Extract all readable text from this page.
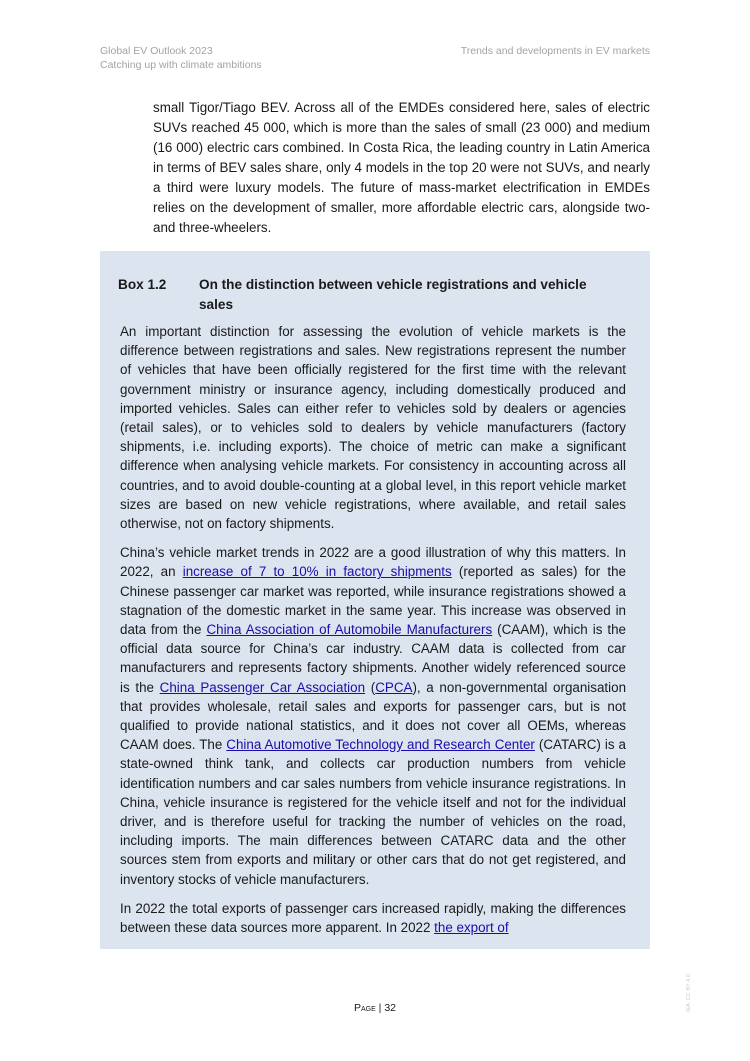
Global EV Outlook 2023
Catching up with climate ambitions
Trends and developments in EV markets

small Tigor/Tiago BEV. Across all of the EMDEs considered here, sales of electric SUVs reached 45 000, which is more than the sales of small (23 000) and medium (16 000) electric cars combined. In Costa Rica, the leading country in Latin America in terms of BEV sales share, only 4 models in the top 20 were not SUVs, and nearly a third were luxury models. The future of mass-market electrification in EMDEs relies on the development of smaller, more affordable electric cars, alongside two- and three-wheelers.

Box 1.2 On the distinction between vehicle registrations and vehicle sales

An important distinction for assessing the evolution of vehicle markets is the difference between registrations and sales. New registrations represent the number of vehicles that have been officially registered for the first time with the relevant government ministry or insurance agency, including domestically produced and imported vehicles. Sales can either refer to vehicles sold by dealers or agencies (retail sales), or to vehicles sold to dealers by vehicle manufacturers (factory shipments, i.e. including exports). The choice of metric can make a significant difference when analysing vehicle markets. For consistency in accounting across all countries, and to avoid double-counting at a global level, in this report vehicle market sizes are based on new vehicle registrations, where available, and retail sales otherwise, not on factory shipments.

China’s vehicle market trends in 2022 are a good illustration of why this matters. In 2022, an increase of 7 to 10% in factory shipments (reported as sales) for the Chinese passenger car market was reported, while insurance registrations showed a stagnation of the domestic market in the same year. This increase was observed in data from the China Association of Automobile Manufacturers (CAAM), which is the official data source for China’s car industry. CAAM data is collected from car manufacturers and represents factory shipments. Another widely referenced source is the China Passenger Car Association (CPCA), a non-governmental organisation that provides wholesale, retail sales and exports for passenger cars, but is not qualified to provide national statistics, and it does not cover all OEMs, whereas CAAM does. The China Automotive Technology and Research Center (CATARC) is a state-owned think tank, and collects car production numbers from vehicle identification numbers and car sales numbers from vehicle insurance registrations. In China, vehicle insurance is registered for the vehicle itself and not for the individual driver, and is therefore useful for tracking the number of vehicles on the road, including imports. The main differences between CATARC data and the other sources stem from exports and military or other cars that do not get registered, and inventory stocks of vehicle manufacturers.

In 2022 the total exports of passenger cars increased rapidly, making the differences between these data sources more apparent. In 2022 the export of

Page | 32	IEA. CC BY 4.0.
